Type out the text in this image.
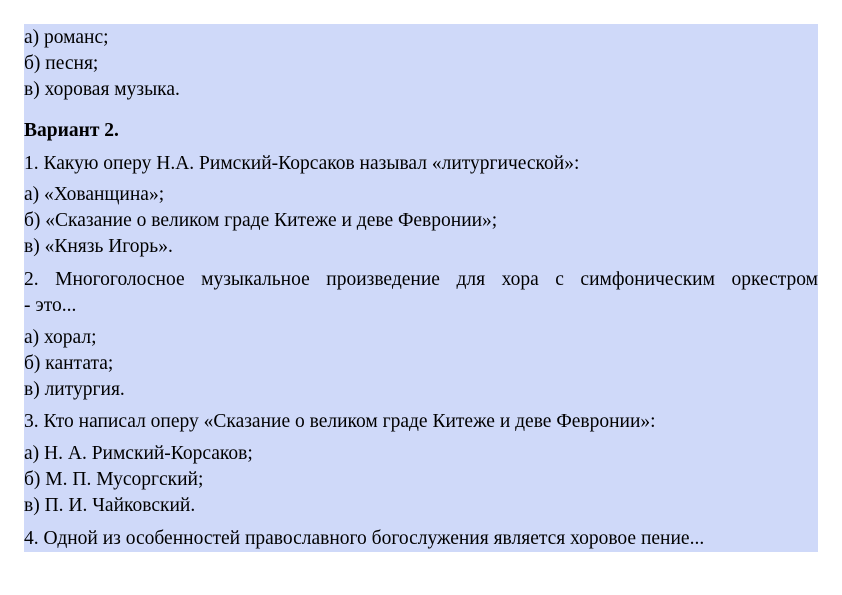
а) романс;
б) песня;
в) хоровая музыка.
Вариант 2.
1. Какую оперу Н.А. Римский-Корсаков называл «литургической»:
а) «Хованщина»;
б) «Сказание о великом граде Китеже и деве Февронии»;
в) «Князь Игорь».
2. Многоголосное музыкальное произведение для хора с симфоническим оркестром
- это...
а) хорал;
б) кантата;
в) литургия.
3. Кто написал оперу «Сказание о великом граде Китеже и деве Февронии»:
а) Н. А. Римский-Корсаков;
б) М. П. Мусоргский;
в) П. И. Чайковский.
4. Одной из особенностей православного богослужения является хоровое пение...
